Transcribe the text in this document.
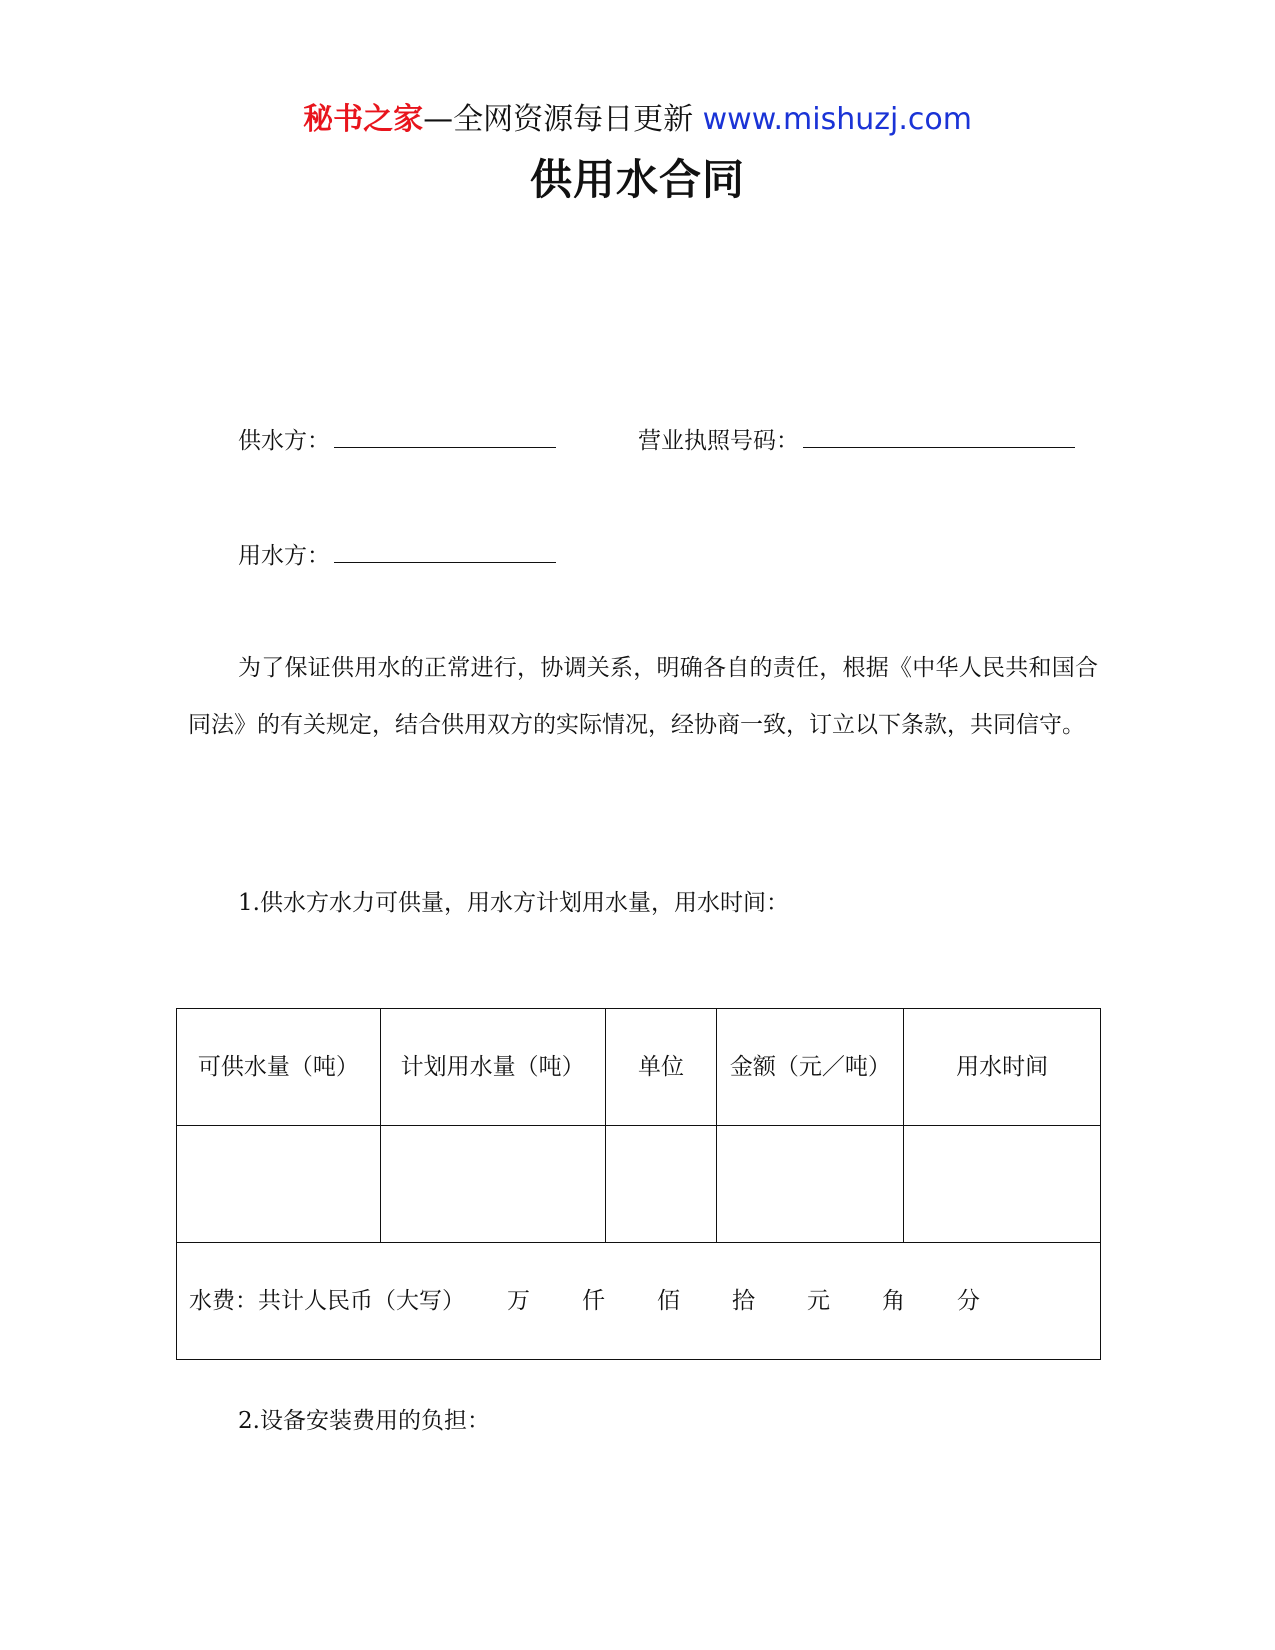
秘书之家—全网资源每日更新 www.mishuzj.com
供用水合同
供水方：	营业执照号码：
用水方：
为了保证供用水的正常进行，协调关系，明确各自的责任，根据《中华人民共和国合同法》的有关规定，结合供用双方的实际情况，经协商一致，订立以下条款，共同信守。
1.供水方水力可供量，用水方计划用水量，用水时间：
可供水量（吨）	计划用水量（吨）	单位	金额（元／吨）	用水时间

水费：共计人民币（大写） 万 仟 佰 拾 元 角 分				
2.设备安装费用的负担：
